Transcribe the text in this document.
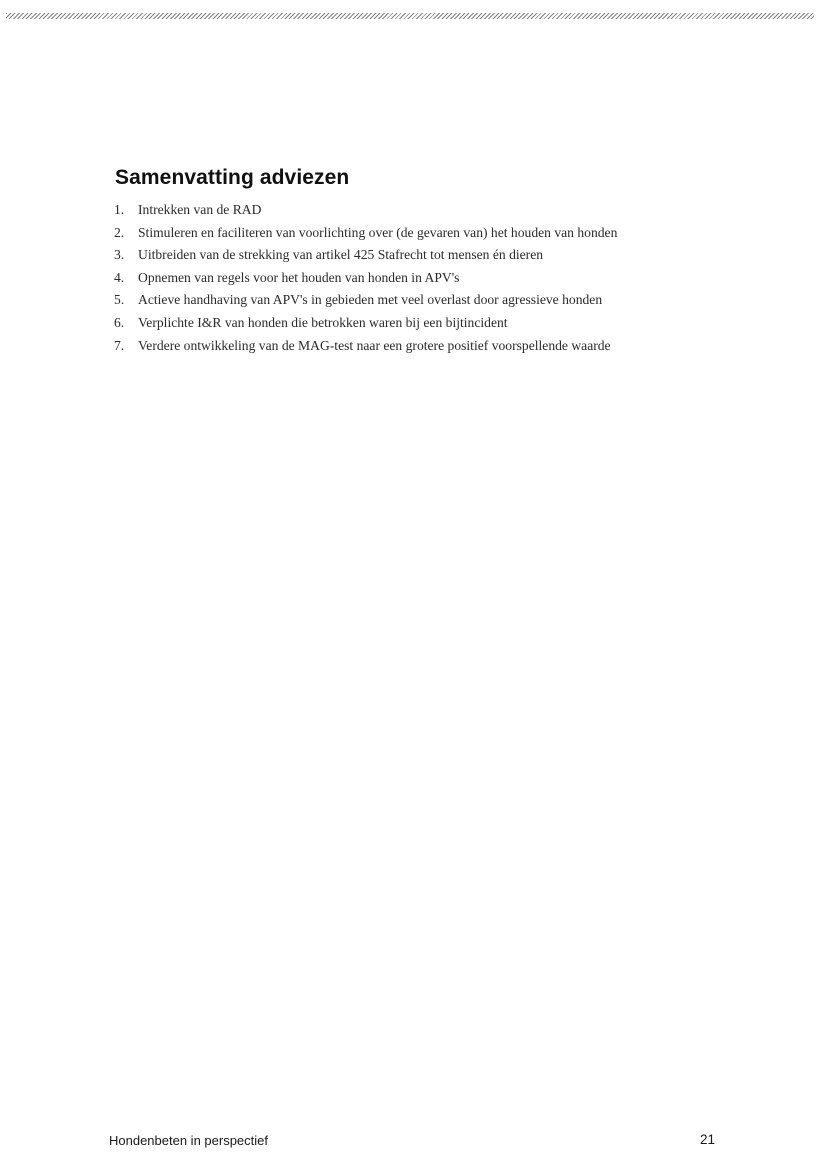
Samenvatting adviezen
1.	Intrekken van de RAD
2.	Stimuleren en faciliteren van voorlichting over (de gevaren van) het houden van honden
3.	Uitbreiden van de strekking van artikel 425 Stafrecht tot mensen én dieren
4.	Opnemen van regels voor het houden van honden in APV's
5.	Actieve handhaving van APV's in gebieden met veel overlast door agressieve honden
6.	Verplichte I&R van honden die betrokken waren bij een bijtincident
7.	Verdere ontwikkeling van de MAG-test naar een grotere positief voorspellende waarde
Hondenbeten in perspectief	21
